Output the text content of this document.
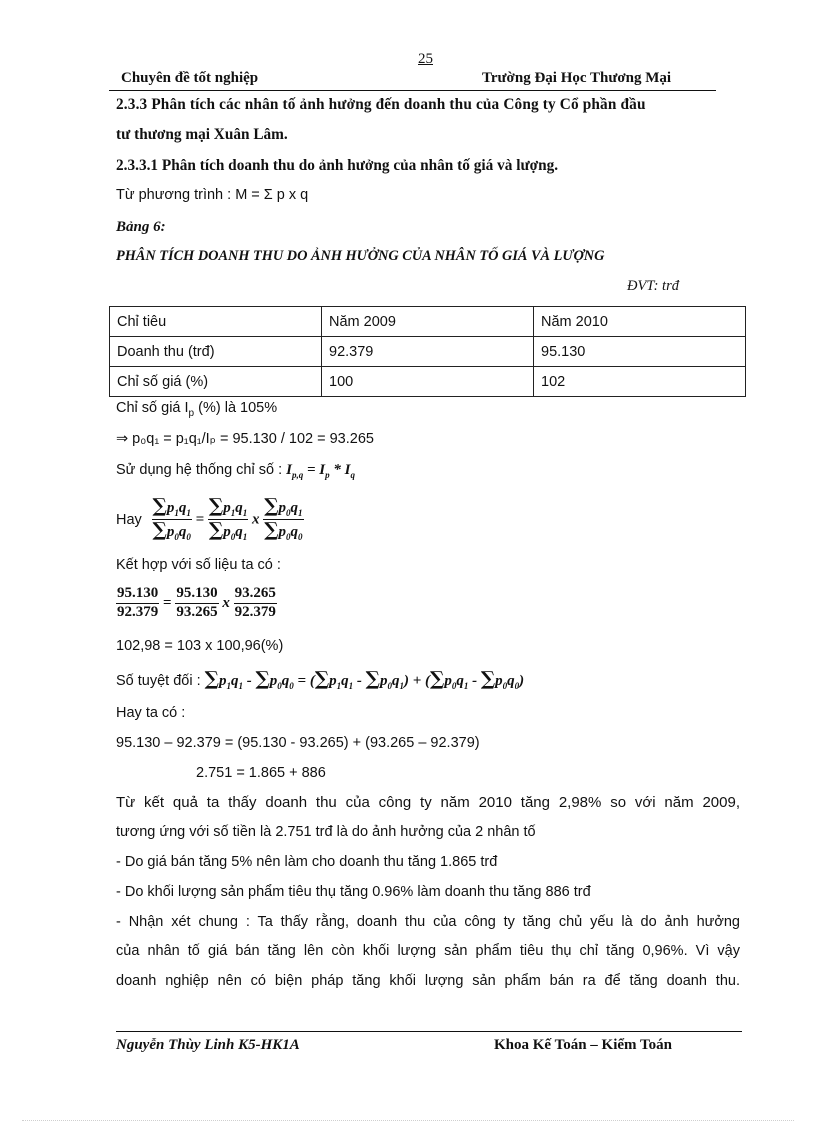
25
Chuyên đề tốt nghiệp	Trường Đại Học Thương Mại
2.3.3 Phân tích các nhân tố ảnh hưởng đến doanh thu của Công ty Cổ phần đầu
tư thương mại Xuân Lâm.
2.3.3.1 Phân tích doanh thu do ảnh hưởng của nhân tố giá và lượng.
Từ phương trình : M = Σ p x q
Bảng 6:
PHÂN TÍCH DOANH THU DO ẢNH HƯỞNG CỦA NHÂN TỐ GIÁ VÀ LƯỢNG
ĐVT: trđ
Chỉ tiêu	Năm 2009	Năm 2010
Doanh thu (trđ)	92.379	95.130
Chỉ số giá (%)	100	102
Chỉ số giá $I_p$ (%) là 105%
⇒ p₀q₁ = p₁q₁/Iₚ = 95.130 / 102 = 93.265
Sử dụng hệ thống chỉ số : $I_{p,q} = I_p * I_q$
Hay $\frac{\sum p_1q_1}{\sum p_0q_0} = \frac{\sum p_1q_1}{\sum p_0q_1}$ x $\frac{\sum p_0q_1}{\sum p_0q_0}$
Kết hợp với số liệu ta có :
$\frac{95.130}{92.379} = \frac{95.130}{93.265}$ x $\frac{93.265}{92.379}$
102,98 = 103 x 100,96(%)
Số tuyệt đối : $\sum p_1q_1 - \sum p_0q_0 = (\sum p_1q_1 - \sum p_0q_1) + (\sum p_0q_1 - \sum p_0q_0)$
Hay ta có :
95.130 – 92.379 = (95.130 - 93.265) + (93.265 – 92.379)
2.751 = 1.865 + 886
Từ kết quả ta thấy doanh thu của công ty năm 2010 tăng 2,98% so với năm 2009,
tương ứng với số tiền là 2.751 trđ là do ảnh hưởng của 2 nhân tố
- Do giá bán tăng 5% nên làm cho doanh thu tăng 1.865 trđ
- Do khối lượng sản phẩm tiêu thụ tăng 0.96% làm doanh thu tăng 886 trđ
- Nhận xét chung : Ta thấy rằng, doanh thu của công ty tăng chủ yếu là do ảnh hưởng
của nhân tố giá bán tăng lên còn khối lượng sản phẩm tiêu thụ chỉ tăng 0,96%. Vì vậy
doanh nghiệp nên có biện pháp tăng khối lượng sản phẩm bán ra để tăng doanh thu.
Nguyễn Thùy Linh K5-HK1A	Khoa Kế Toán – Kiểm Toán
